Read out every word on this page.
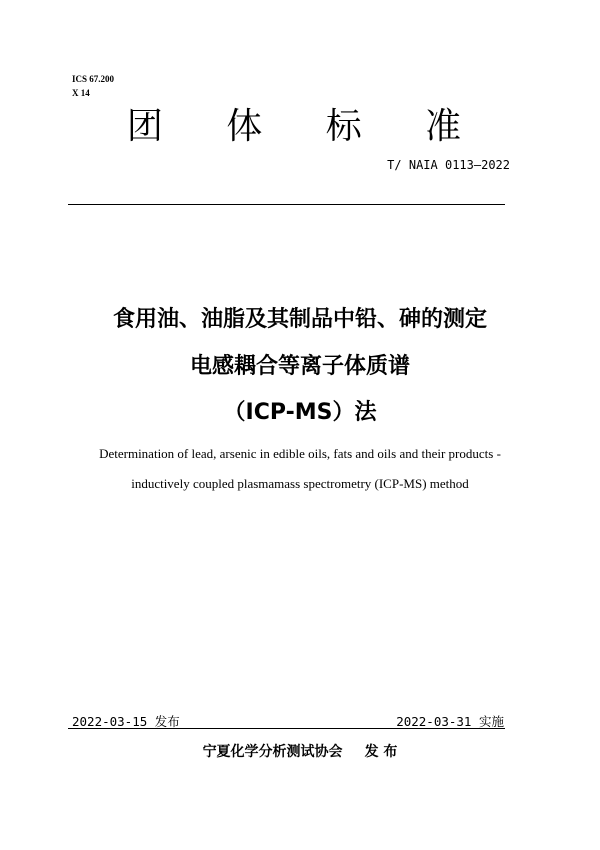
ICS 67.200
X 14
团 体 标 准
T/ NAIA 0113—2022
食用油、油脂及其制品中铅、砷的测定
电感耦合等离子体质谱
（ICP-MS）法
Determination of lead, arsenic in edible oils, fats and oils and their products -
inductively coupled plasmamass spectrometry (ICP-MS) method
2022-03-15 发布	2022-03-31 实施
宁夏化学分析测试协会 发 布
